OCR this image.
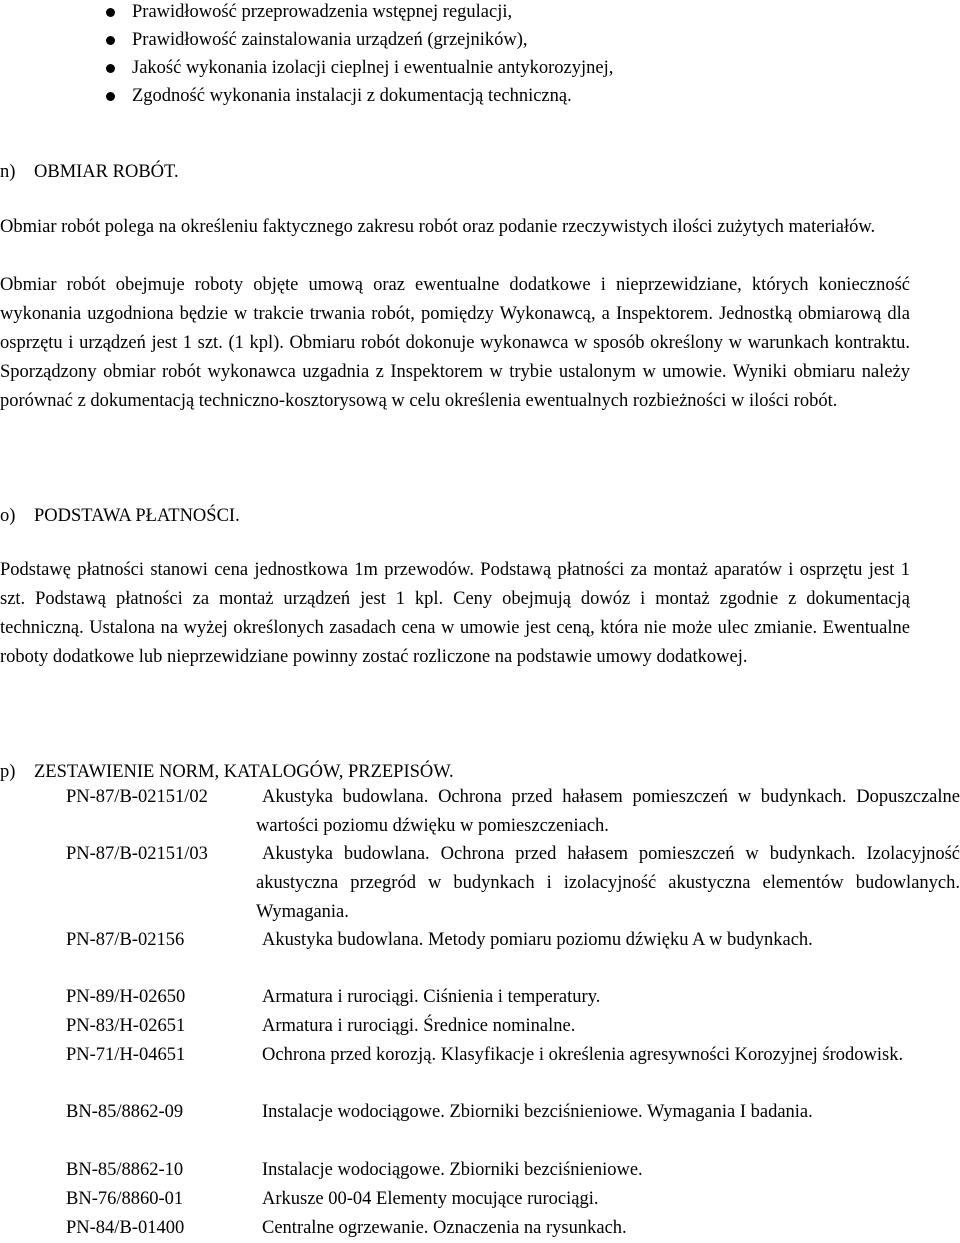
Prawidłowość przeprowadzenia wstępnej regulacji,
Prawidłowość zainstalowania urządzeń (grzejników),
Jakość wykonania izolacji cieplnej i ewentualnie antykorozyjnej,
Zgodność wykonania instalacji z dokumentacją techniczną.
n) OBMIAR ROBÓT.
Obmiar robót polega na określeniu faktycznego zakresu robót oraz podanie rzeczywistych ilości zużytych materiałów.
Obmiar robót obejmuje roboty objęte umową oraz ewentualne dodatkowe i nieprzewidziane, których konieczność wykonania uzgodniona będzie w trakcie trwania robót, pomiędzy Wykonawcą, a Inspektorem. Jednostką obmiarową dla osprzętu i urządzeń jest 1 szt. (1 kpl). Obmiaru robót dokonuje wykonawca w sposób określony w warunkach kontraktu. Sporządzony obmiar robót wykonawca uzgadnia z Inspektorem w trybie ustalonym w umowie. Wyniki obmiaru należy porównać z dokumentacją techniczno-kosztorysową w celu określenia ewentualnych rozbieżności w ilości robót.
o) PODSTAWA PŁATNOŚCI.
Podstawę płatności stanowi cena jednostkowa 1m przewodów. Podstawą płatności za montaż aparatów i osprzętu jest 1 szt. Podstawą płatności za montaż urządzeń jest 1 kpl. Ceny obejmują dowóz i montaż zgodnie z dokumentacją techniczną. Ustalona na wyżej określonych zasadach cena w umowie jest ceną, która nie może ulec zmianie. Ewentualne roboty dodatkowe lub nieprzewidziane powinny zostać rozliczone na podstawie umowy dodatkowej.
p) ZESTAWIENIE NORM, KATALOGÓW, PRZEPISÓW.
PN-87/B-02151/02	Akustyka budowlana. Ochrona przed hałasem pomieszczeń w budynkach. Dopuszczalne wartości poziomu dźwięku w pomieszczeniach.
PN-87/B-02151/03	Akustyka budowlana. Ochrona przed hałasem pomieszczeń w budynkach. Izolacyjność akustyczna przegród w budynkach i izolacyjność akustyczna elementów budowlanych. Wymagania.
PN-87/B-02156	Akustyka budowlana. Metody pomiaru poziomu dźwięku A w budynkach.
PN-89/H-02650	Armatura i rurociągi. Ciśnienia i temperatury.
PN-83/H-02651	Armatura i rurociągi. Średnice nominalne.
PN-71/H-04651	Ochrona przed korozją. Klasyfikacje i określenia agresywności Korozyjnej środowisk.
BN-85/8862-09	Instalacje wodociągowe. Zbiorniki bezciśnieniowe. Wymagania I badania.
BN-85/8862-10	Instalacje wodociągowe. Zbiorniki bezciśnieniowe.
BN-76/8860-01	Arkusze 00-04 Elementy mocujące rurociągi.
PN-84/B-01400	Centralne ogrzewanie. Oznaczenia na rysunkach.
